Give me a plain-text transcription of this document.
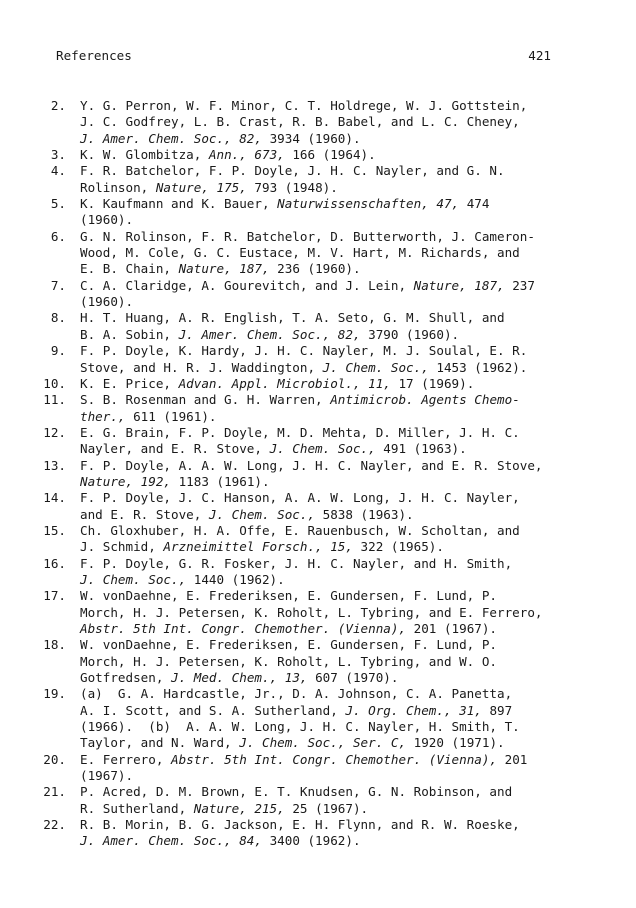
References	421
2.	Y. G. Perron, W. F. Minor, C. T. Holdrege, W. J. Gottstein,
J. C. Godfrey, L. B. Crast, R. B. Babel, and L. C. Cheney,
J. Amer. Chem. Soc., 82, 3934 (1960).
3.	K. W. Glombitza, Ann., 673, 166 (1964).
4.	F. R. Batchelor, F. P. Doyle, J. H. C. Nayler, and G. N.
Rolinson, Nature, 175, 793 (1948).
5.	K. Kaufmann and K. Bauer, Naturwissenschaften, 47, 474
(1960).
6.	G. N. Rolinson, F. R. Batchelor, D. Butterworth, J. Cameron-
Wood, M. Cole, G. C. Eustace, M. V. Hart, M. Richards, and
E. B. Chain, Nature, 187, 236 (1960).
7.	C. A. Claridge, A. Gourevitch, and J. Lein, Nature, 187, 237
(1960).
8.	H. T. Huang, A. R. English, T. A. Seto, G. M. Shull, and
B. A. Sobin, J. Amer. Chem. Soc., 82, 3790 (1960).
9.	F. P. Doyle, K. Hardy, J. H. C. Nayler, M. J. Soulal, E. R.
Stove, and H. R. J. Waddington, J. Chem. Soc., 1453 (1962).
10.	K. E. Price, Advan. Appl. Microbiol., 11, 17 (1969).
11.	S. B. Rosenman and G. H. Warren, Antimicrob. Agents Chemo-
ther., 611 (1961).
12.	E. G. Brain, F. P. Doyle, M. D. Mehta, D. Miller, J. H. C.
Nayler, and E. R. Stove, J. Chem. Soc., 491 (1963).
13.	F. P. Doyle, A. A. W. Long, J. H. C. Nayler, and E. R. Stove,
Nature, 192, 1183 (1961).
14.	F. P. Doyle, J. C. Hanson, A. A. W. Long, J. H. C. Nayler,
and E. R. Stove, J. Chem. Soc., 5838 (1963).
15.	Ch. Gloxhuber, H. A. Offe, E. Rauenbusch, W. Scholtan, and
J. Schmid, Arzneimittel Forsch., 15, 322 (1965).
16.	F. P. Doyle, G. R. Fosker, J. H. C. Nayler, and H. Smith,
J. Chem. Soc., 1440 (1962).
17.	W. vonDaehne, E. Frederiksen, E. Gundersen, F. Lund, P.
Morch, H. J. Petersen, K. Roholt, L. Tybring, and E. Ferrero,
Abstr. 5th Int. Congr. Chemother. (Vienna), 201 (1967).
18.	W. vonDaehne, E. Frederiksen, E. Gundersen, F. Lund, P.
Morch, H. J. Petersen, K. Roholt, L. Tybring, and W. O.
Gotfredsen, J. Med. Chem., 13, 607 (1970).
19.	(a)  G. A. Hardcastle, Jr., D. A. Johnson, C. A. Panetta,
A. I. Scott, and S. A. Sutherland, J. Org. Chem., 31, 897
(1966).  (b)  A. A. W. Long, J. H. C. Nayler, H. Smith, T.
Taylor, and N. Ward, J. Chem. Soc., Ser. C, 1920 (1971).
20.	E. Ferrero, Abstr. 5th Int. Congr. Chemother. (Vienna), 201
(1967).
21.	P. Acred, D. M. Brown, E. T. Knudsen, G. N. Robinson, and
R. Sutherland, Nature, 215, 25 (1967).
22.	R. B. Morin, B. G. Jackson, E. H. Flynn, and R. W. Roeske,
J. Amer. Chem. Soc., 84, 3400 (1962).
